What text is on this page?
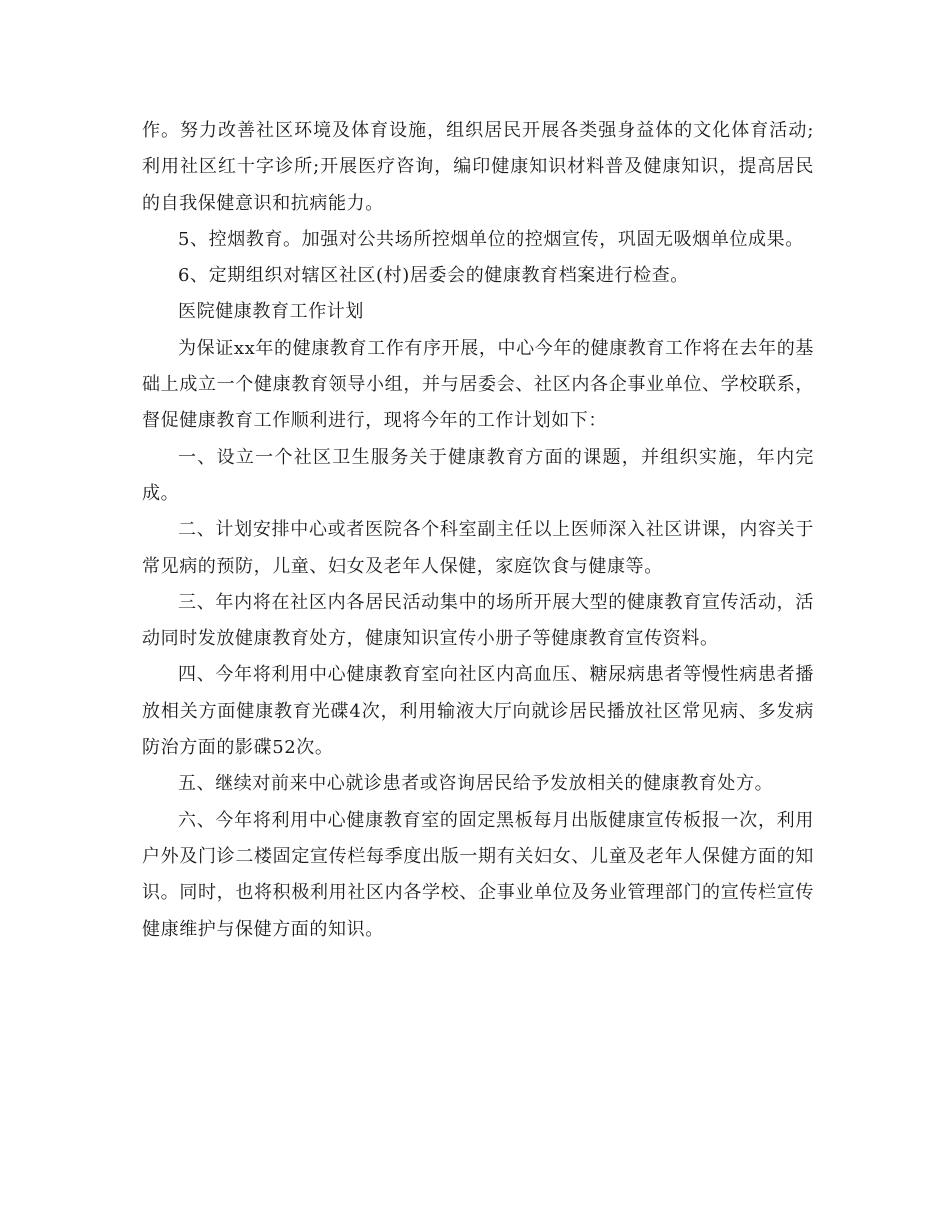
作。努力改善社区环境及体育设施，组织居民开展各类强身益体的文化体育活动;利用社区红十字诊所;开展医疗咨询，编印健康知识材料普及健康知识，提高居民的自我保健意识和抗病能力。

5、控烟教育。加强对公共场所控烟单位的控烟宣传，巩固无吸烟单位成果。

6、定期组织对辖区社区(村)居委会的健康教育档案进行检查。

医院健康教育工作计划

为保证xx年的健康教育工作有序开展，中心今年的健康教育工作将在去年的基础上成立一个健康教育领导小组，并与居委会、社区内各企事业单位、学校联系，督促健康教育工作顺利进行，现将今年的工作计划如下：

一、设立一个社区卫生服务关于健康教育方面的课题，并组织实施，年内完成。

二、计划安排中心或者医院各个科室副主任以上医师深入社区讲课，内容关于常见病的预防，儿童、妇女及老年人保健，家庭饮食与健康等。

三、年内将在社区内各居民活动集中的场所开展大型的健康教育宣传活动，活动同时发放健康教育处方，健康知识宣传小册子等健康教育宣传资料。

四、今年将利用中心健康教育室向社区内高血压、糖尿病患者等慢性病患者播放相关方面健康教育光碟4次，利用输液大厅向就诊居民播放社区常见病、多发病防治方面的影碟52次。

五、继续对前来中心就诊患者或咨询居民给予发放相关的健康教育处方。

六、今年将利用中心健康教育室的固定黑板每月出版健康宣传板报一次，利用户外及门诊二楼固定宣传栏每季度出版一期有关妇女、儿童及老年人保健方面的知识。同时，也将积极利用社区内各学校、企事业单位及务业管理部门的宣传栏宣传健康维护与保健方面的知识。
